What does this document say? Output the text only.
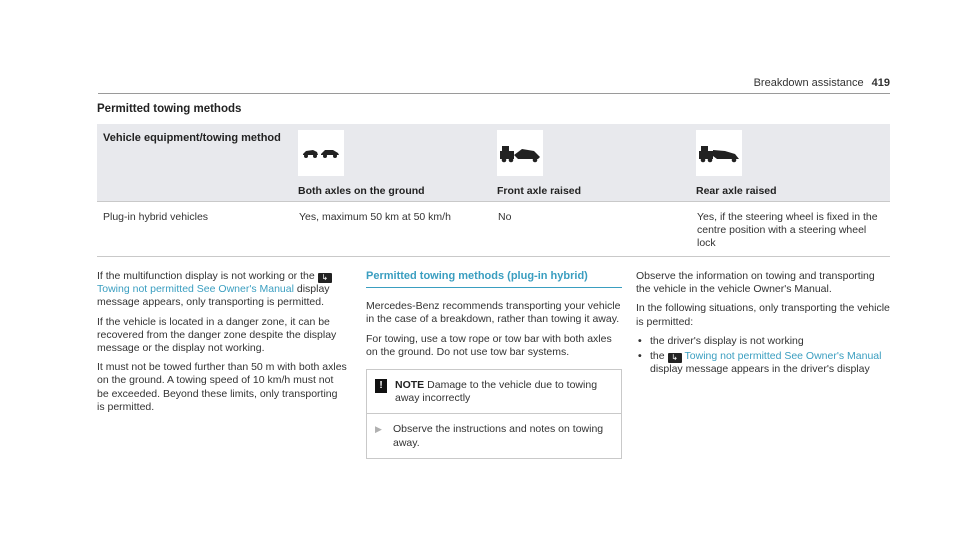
Breakdown assistance 419
Permitted towing methods
Vehicle equipment/towing method	Both axles on the ground	Front axle raised	Rear axle raised

Plug-in hybrid vehicles	Yes, maximum 50 km at 50 km/h	No	Yes, if the steering wheel is fixed in the centre position with a steering wheel lock

If the multifunction display is not working or the ↳Towing not permitted See Owner's Manual display message appears, only transporting is permitted.

If the vehicle is located in a danger zone, it can be recovered from the danger zone despite the display message or the display not working.

It must not be towed further than 50 m with both axles on the ground. A towing speed of 10 km/h must not be exceeded. Beyond these limits, only transporting is permitted.

Permitted towing methods (plug-in hybrid)

Mercedes-Benz recommends transporting your vehicle in the case of a breakdown, rather than towing it away.

For towing, use a tow rope or tow bar with both axles on the ground. Do not use tow bar systems.

!	NOTE Damage to the vehicle due to towing away incorrectly
▶ Observe the instructions and notes on towing away.

Observe the information on towing and transporting the vehicle in the vehicle Owner's Manual.

In the following situations, only transporting the vehicle is permitted:

• the driver's display is not working
• the ↳ Towing not permitted See Owner's Manual display message appears in the driver's display
